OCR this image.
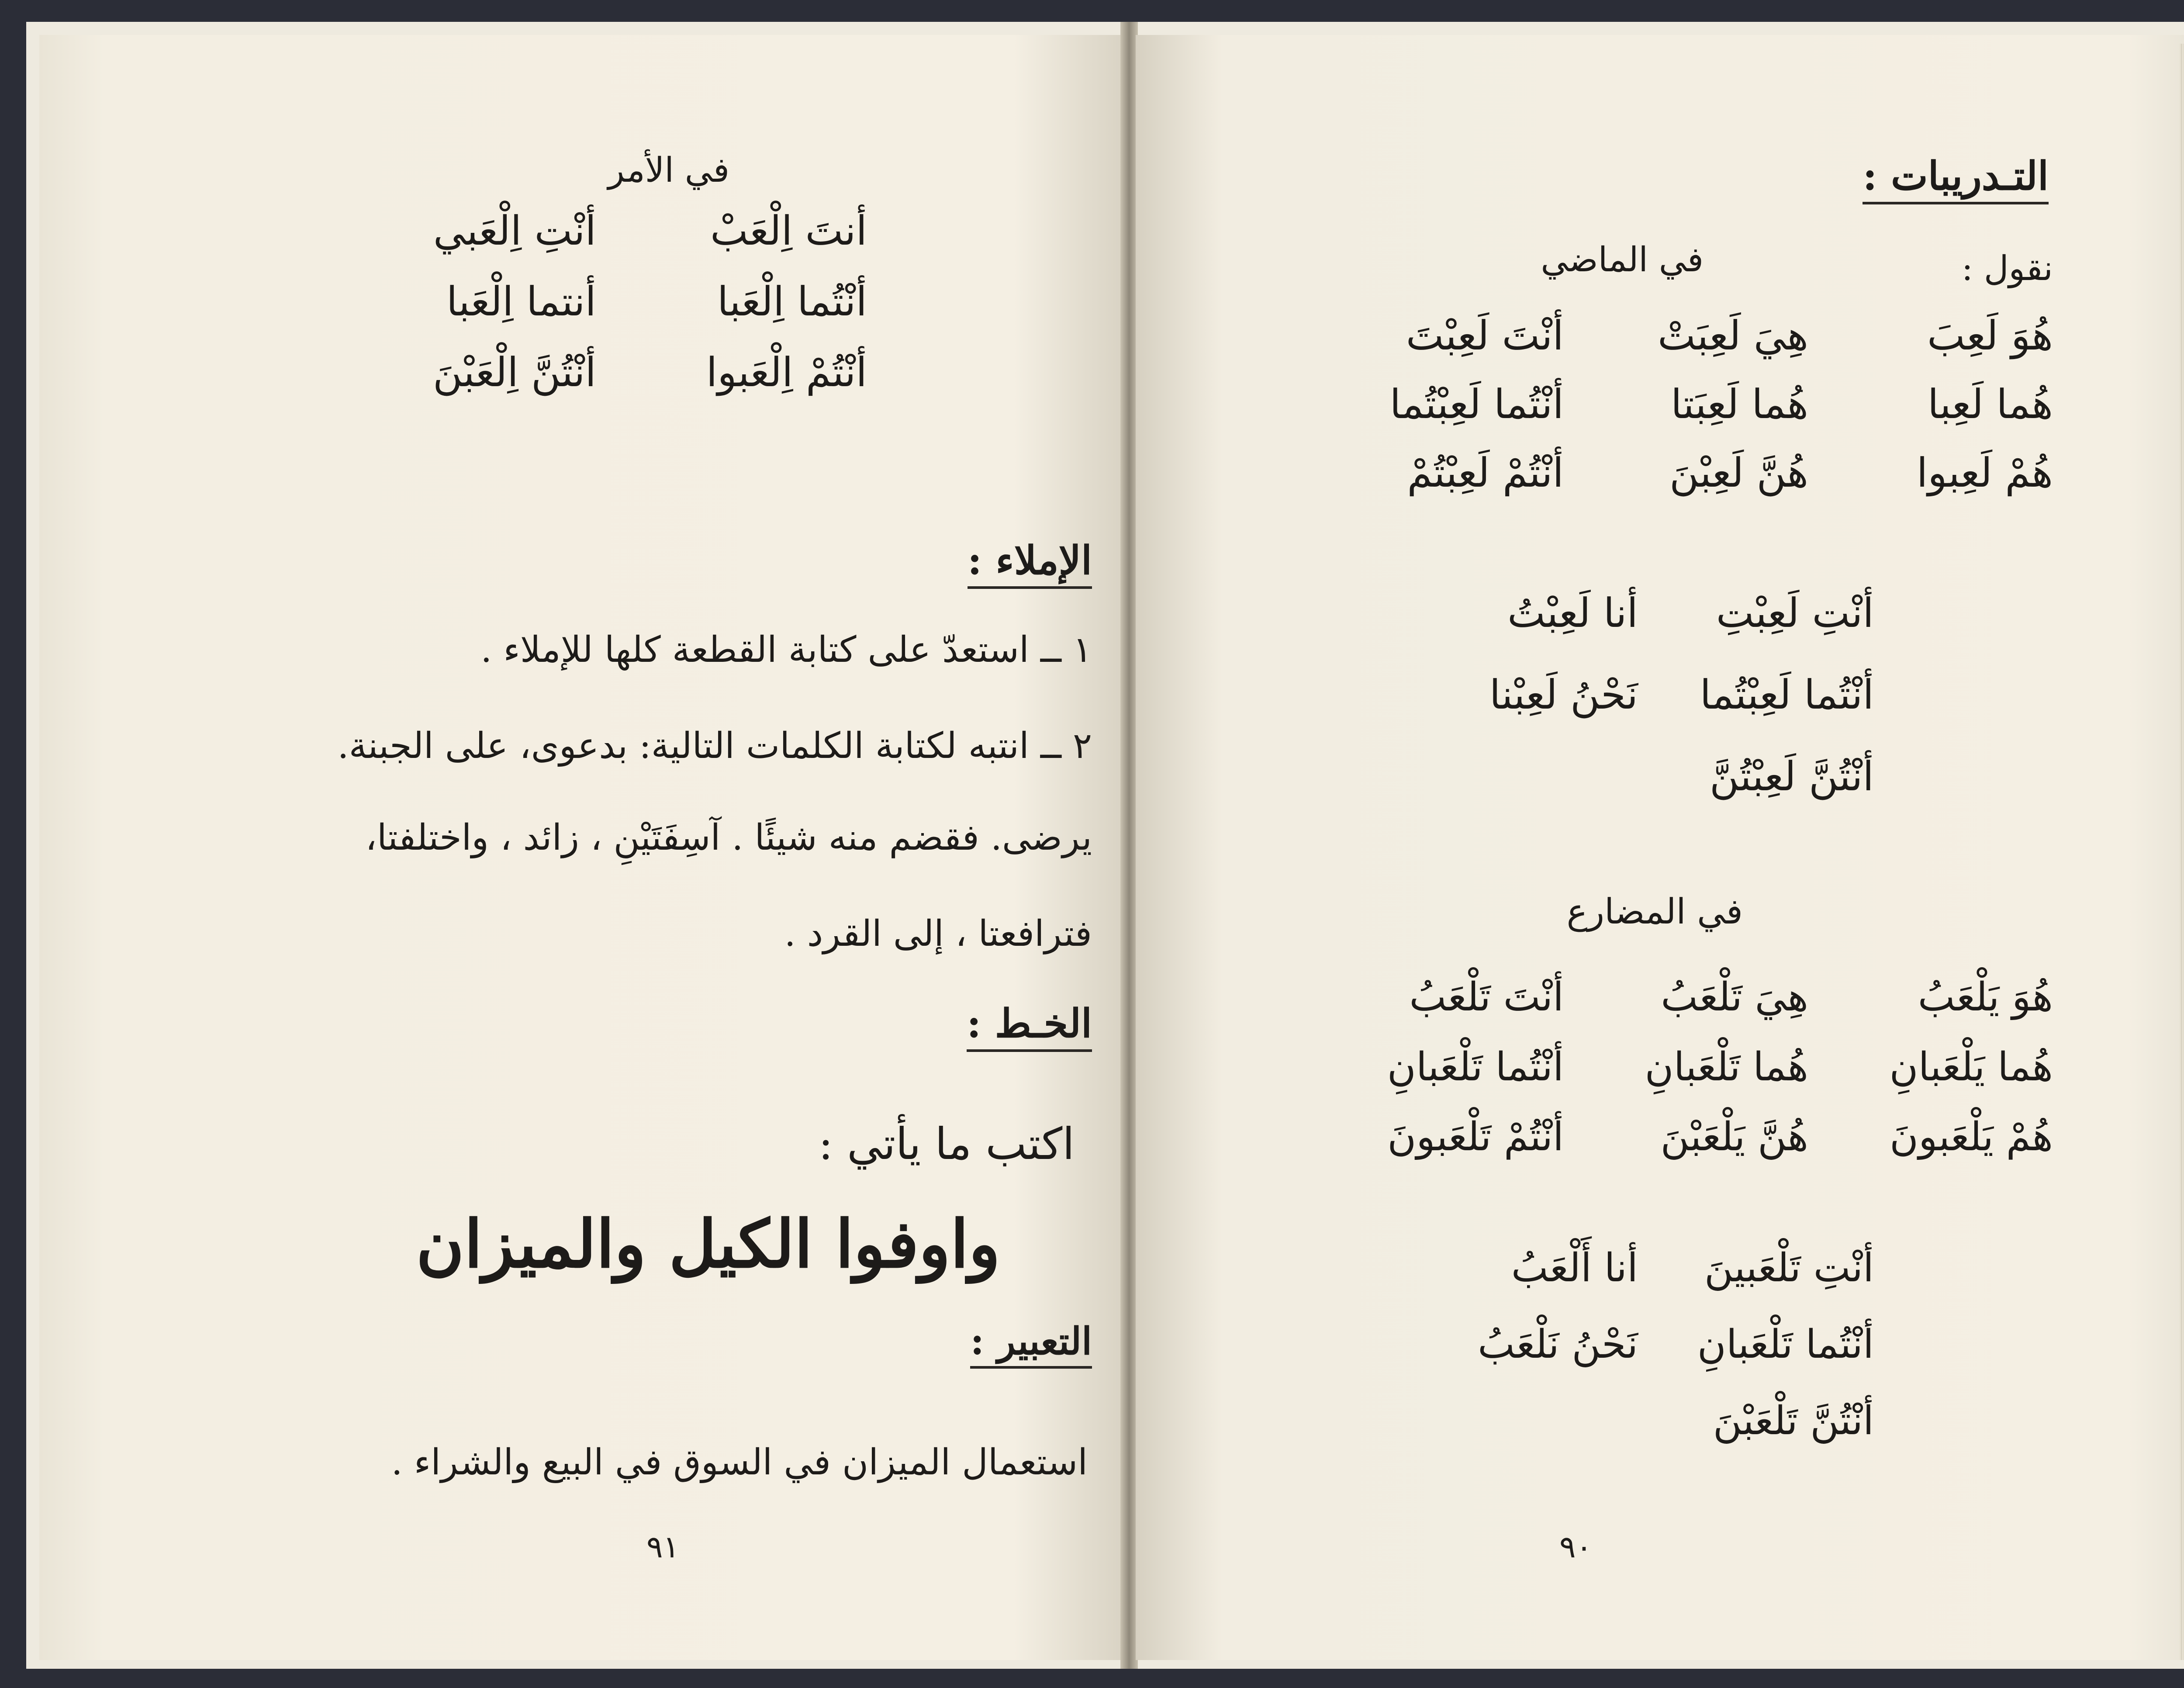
في الأمر
أنتَ اِلْعَبْ
أنْتِ اِلْعَبي
أنْتُما اِلْعَبا
أنتما اِلْعَبا
أنْتُمْ اِلْعَبوا
أنْتُنَّ اِلْعَبْنَ
الإملاء :
١ ــ استعدّ على كتابة القطعة كلها للإملاء .
٢ ــ انتبه لكتابة الكلمات التالية: بدعوى، على الجبنة.
يرضى. فقضم منه شيئًا . آسِفَتَيْنِ ، زائد ، واختلفتا،
فترافعتا ، إلى القرد .
الخـط :
اكتب ما يأتي :
واوفوا الكيل والميزان
التعبير :
استعمال الميزان في السوق في البيع والشراء .
٩١
التـدريبات :
نقول :
في الماضي
هُوَ لَعِبَ
هِيَ لَعِبَتْ
أنْتَ لَعِبْتَ
هُما لَعِبا
هُما لَعِبَتا
أنْتُما لَعِبْتُما
هُمْ لَعِبوا
هُنَّ لَعِبْنَ
أنْتُمْ لَعِبْتُمْ
أنْتِ لَعِبْتِ
أنا لَعِبْتُ
أنْتُما لَعِبْتُما
نَحْنُ لَعِبْنا
أنْتُنَّ لَعِبْتُنَّ
في المضارع
هُوَ يَلْعَبُ
هِيَ تَلْعَبُ
أنْتَ تَلْعَبُ
هُما يَلْعَبانِ
هُما تَلْعَبانِ
أنْتُما تَلْعَبانِ
هُمْ يَلْعَبونَ
هُنَّ يَلْعَبْنَ
أنْتُمْ تَلْعَبونَ
أنْتِ تَلْعَبينَ
أنا أَلْعَبُ
أنْتُما تَلْعَبانِ
نَحْنُ نَلْعَبُ
أنْتُنَّ تَلْعَبْنَ
٩٠
